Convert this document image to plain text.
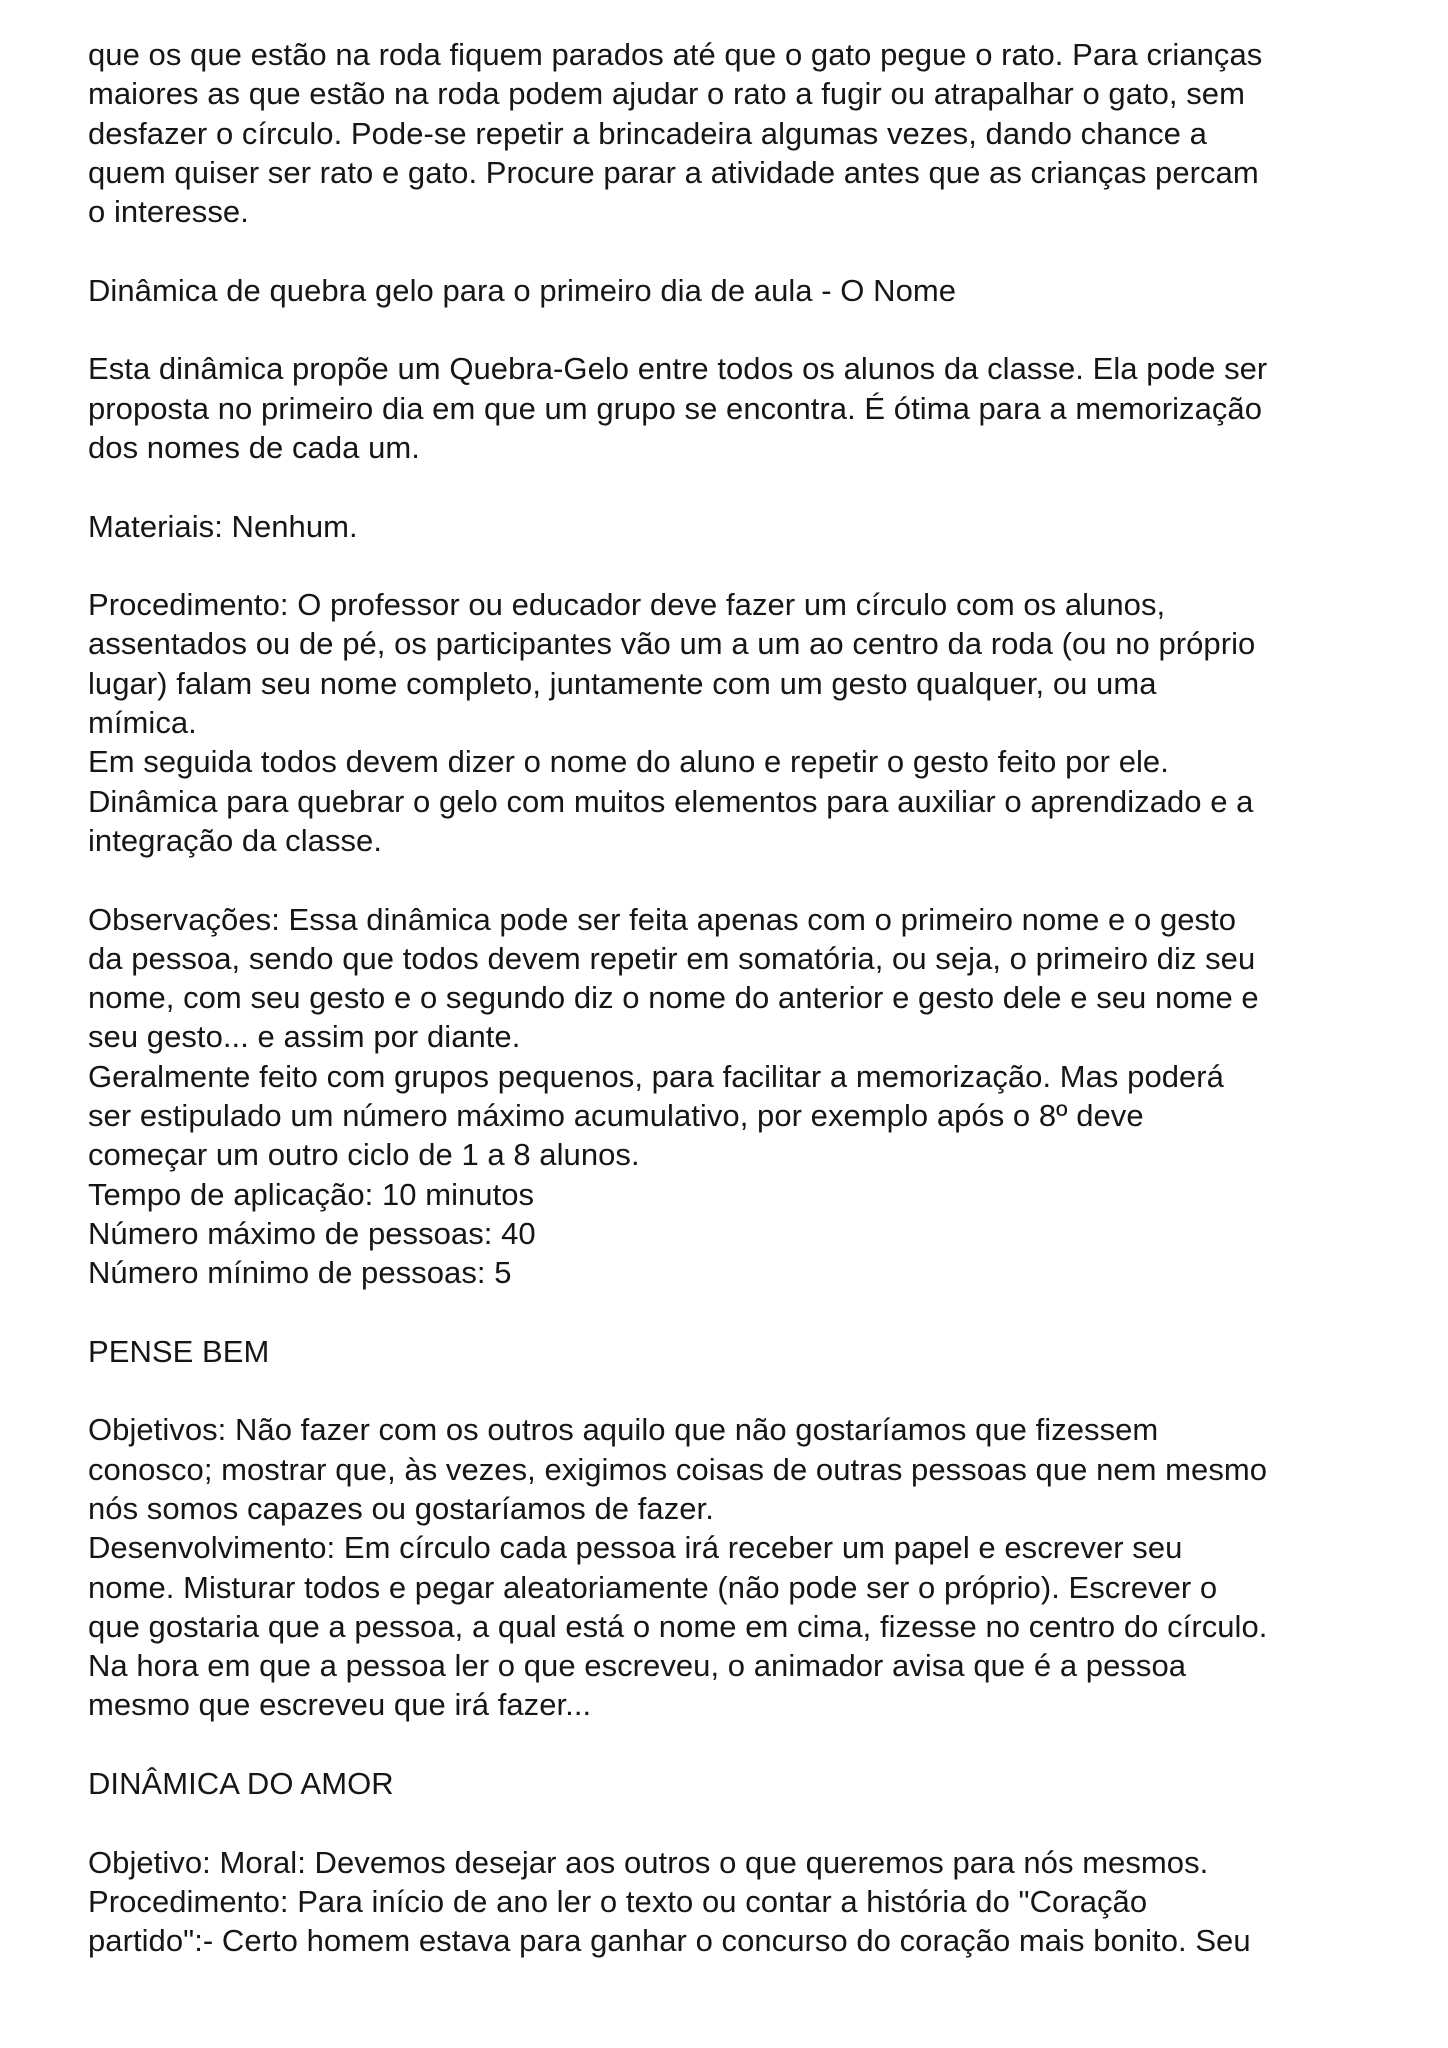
que os que estão na roda fiquem parados até que o gato pegue o rato. Para crianças
maiores as que estão na roda podem ajudar o rato a fugir ou atrapalhar o gato, sem
desfazer o círculo. Pode-se repetir a brincadeira algumas vezes, dando chance a
quem quiser ser rato e gato. Procure parar a atividade antes que as crianças percam
o interesse.
Dinâmica de quebra gelo para o primeiro dia de aula - O Nome
Esta dinâmica propõe um Quebra-Gelo entre todos os alunos da classe. Ela pode ser
proposta no primeiro dia em que um grupo se encontra. É ótima para a memorização
dos nomes de cada um.
Materiais: Nenhum.
Procedimento: O professor ou educador deve fazer um círculo com os alunos,
assentados ou de pé, os participantes vão um a um ao centro da roda (ou no próprio
lugar) falam seu nome completo, juntamente com um gesto qualquer, ou uma
mímica.
Em seguida todos devem dizer o nome do aluno e repetir o gesto feito por ele.
Dinâmica para quebrar o gelo com muitos elementos para auxiliar o aprendizado e a
integração da classe.
Observações: Essa dinâmica pode ser feita apenas com o primeiro nome e o gesto
da pessoa, sendo que todos devem repetir em somatória, ou seja, o primeiro diz seu
nome, com seu gesto e o segundo diz o nome do anterior e gesto dele e seu nome e
seu gesto... e assim por diante.
Geralmente feito com grupos pequenos, para facilitar a memorização. Mas poderá
ser estipulado um número máximo acumulativo, por exemplo após o 8º deve
começar um outro ciclo de 1 a 8 alunos.
Tempo de aplicação: 10 minutos
Número máximo de pessoas: 40
Número mínimo de pessoas: 5
PENSE BEM
Objetivos: Não fazer com os outros aquilo que não gostaríamos que fizessem
conosco; mostrar que, às vezes, exigimos coisas de outras pessoas que nem mesmo
nós somos capazes ou gostaríamos de fazer.
Desenvolvimento: Em círculo cada pessoa irá receber um papel e escrever seu
nome. Misturar todos e pegar aleatoriamente (não pode ser o próprio). Escrever o
que gostaria que a pessoa, a qual está o nome em cima, fizesse no centro do círculo.
Na hora em que a pessoa ler o que escreveu, o animador avisa que é a pessoa
mesmo que escreveu que irá fazer...
DINÂMICA DO AMOR
Objetivo: Moral: Devemos desejar aos outros o que queremos para nós mesmos.
Procedimento: Para início de ano ler o texto ou contar a história do "Coração
partido":- Certo homem estava para ganhar o concurso do coração mais bonito. Seu
